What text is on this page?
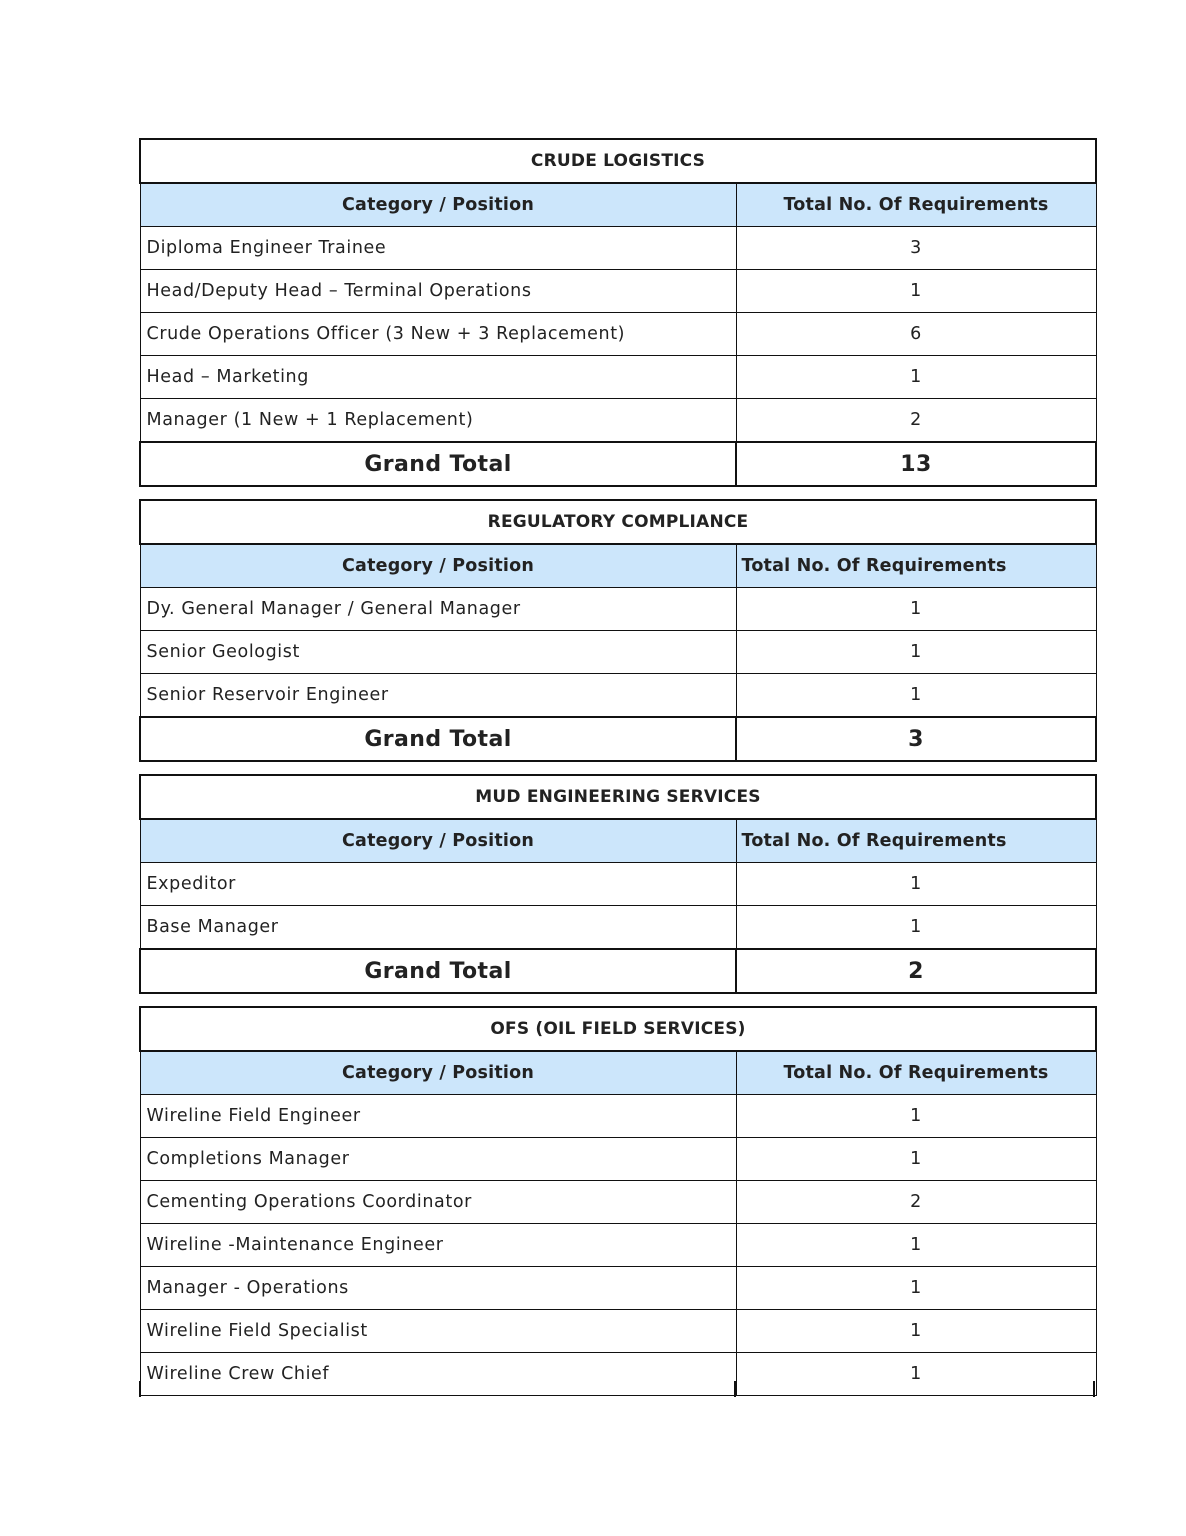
CRUDE LOGISTICS	
Category / Position	Total No. Of Requirements
Diploma Engineer Trainee	3
Head/Deputy Head – Terminal Operations	1
Crude Operations Officer (3 New + 3 Replacement)	6
Head – Marketing	1
Manager (1 New + 1 Replacement)	2
Grand Total	13
REGULATORY COMPLIANCE	
Category / Position	Total No. Of Requirements
Dy. General Manager / General Manager	1
Senior Geologist	1
Senior Reservoir Engineer	1
Grand Total	3
MUD ENGINEERING SERVICES	
Category / Position	Total No. Of Requirements
Expeditor	1
Base Manager	1
Grand Total	2
OFS (OIL FIELD SERVICES)	
Category / Position	Total No. Of Requirements
Wireline Field Engineer	1
Completions Manager	1
Cementing Operations Coordinator	2
Wireline -Maintenance Engineer	1
Manager - Operations	1
Wireline Field Specialist	1
Wireline Crew Chief	1
